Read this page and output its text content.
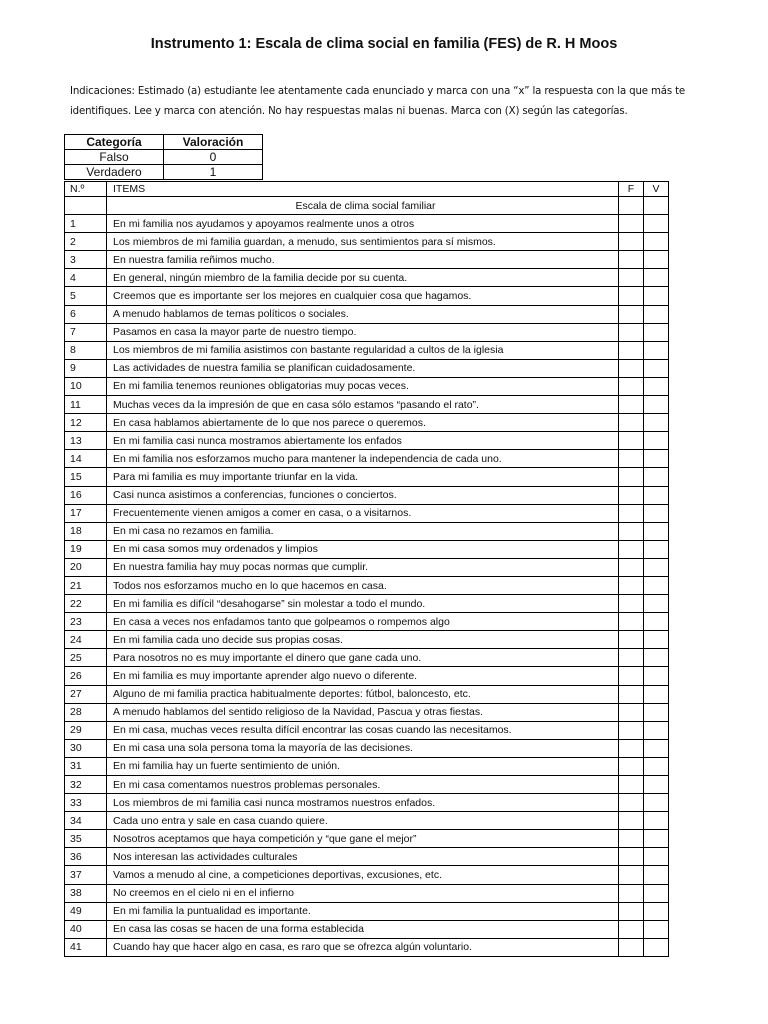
Instrumento 1: Escala de clima social en familia (FES) de R. H Moos
Indicaciones: Estimado (a) estudiante lee atentamente cada enunciado y marca con una “x” la respuesta con la que más te
identifiques. Lee y marca con atención. No hay respuestas malas ni buenas. Marca con (X) según las categorías.
Categoría	Valoración
Falso	0
Verdadero	1
N.º	ITEMS	F	V
	Escala de clima social familiar		
1	En mi familia nos ayudamos y apoyamos realmente unos a otros		
2	Los miembros de mi familia guardan, a menudo, sus sentimientos para sí mismos.		
3	En nuestra familia reñimos mucho.		
4	En general, ningún miembro de la familia decide por su cuenta.		
5	Creemos que es importante ser los mejores en cualquier cosa que hagamos.		
6	A menudo hablamos de temas políticos o sociales.		
7	Pasamos en casa la mayor parte de nuestro tiempo.		
8	Los miembros de mi familia asistimos con bastante regularidad a cultos de la iglesia		
9	Las actividades de nuestra familia se planifican cuidadosamente.		
10	En mi familia tenemos reuniones obligatorias muy pocas veces.		
11	Muchas veces da la impresión de que en casa sólo estamos “pasando el rato”.		
12	En casa hablamos abiertamente de lo que nos parece o queremos.		
13	En mi familia casi nunca mostramos abiertamente los enfados		
14	En mi familia nos esforzamos mucho para mantener la independencia de cada uno.		
15	Para mi familia es muy importante triunfar en la vida.		
16	Casi nunca asistimos a conferencias, funciones o conciertos.		
17	Frecuentemente vienen amigos a comer en casa, o a visitarnos.		
18	En mi casa no rezamos en familia.		
19	En mi casa somos muy ordenados y limpios		
20	En nuestra familia hay muy pocas normas que cumplir.		
21	Todos nos esforzamos mucho en lo que hacemos en casa.		
22	En mi familia es difícil “desahogarse” sin molestar a todo el mundo.		
23	En casa a veces nos enfadamos tanto que golpeamos o rompemos algo		
24	En mi familia cada uno decide sus propias cosas.		
25	Para nosotros no es muy importante el dinero que gane cada uno.		
26	En mi familia es muy importante aprender algo nuevo o diferente.		
27	Alguno de mi familia practica habitualmente deportes: fútbol, baloncesto, etc.		
28	A menudo hablamos del sentido religioso de la Navidad, Pascua y otras fiestas.		
29	En mi casa, muchas veces resulta difícil encontrar las cosas cuando las necesitamos.		
30	En mi casa una sola persona toma la mayoría de las decisiones.		
31	En mi familia hay un fuerte sentimiento de unión.		
32	En mi casa comentamos nuestros problemas personales.		
33	Los miembros de mi familia casi nunca mostramos nuestros enfados.		
34	Cada uno entra y sale en casa cuando quiere.		
35	Nosotros aceptamos que haya competición y “que gane el mejor”		
36	Nos interesan las actividades culturales		
37	Vamos a menudo al cine, a competiciones deportivas, excusiones, etc.		
38	No creemos en el cielo ni en el infierno		
49	En mi familia la puntualidad es importante.		
40	En casa las cosas se hacen de una forma establecida		
41	Cuando hay que hacer algo en casa, es raro que se ofrezca algún voluntario.		
